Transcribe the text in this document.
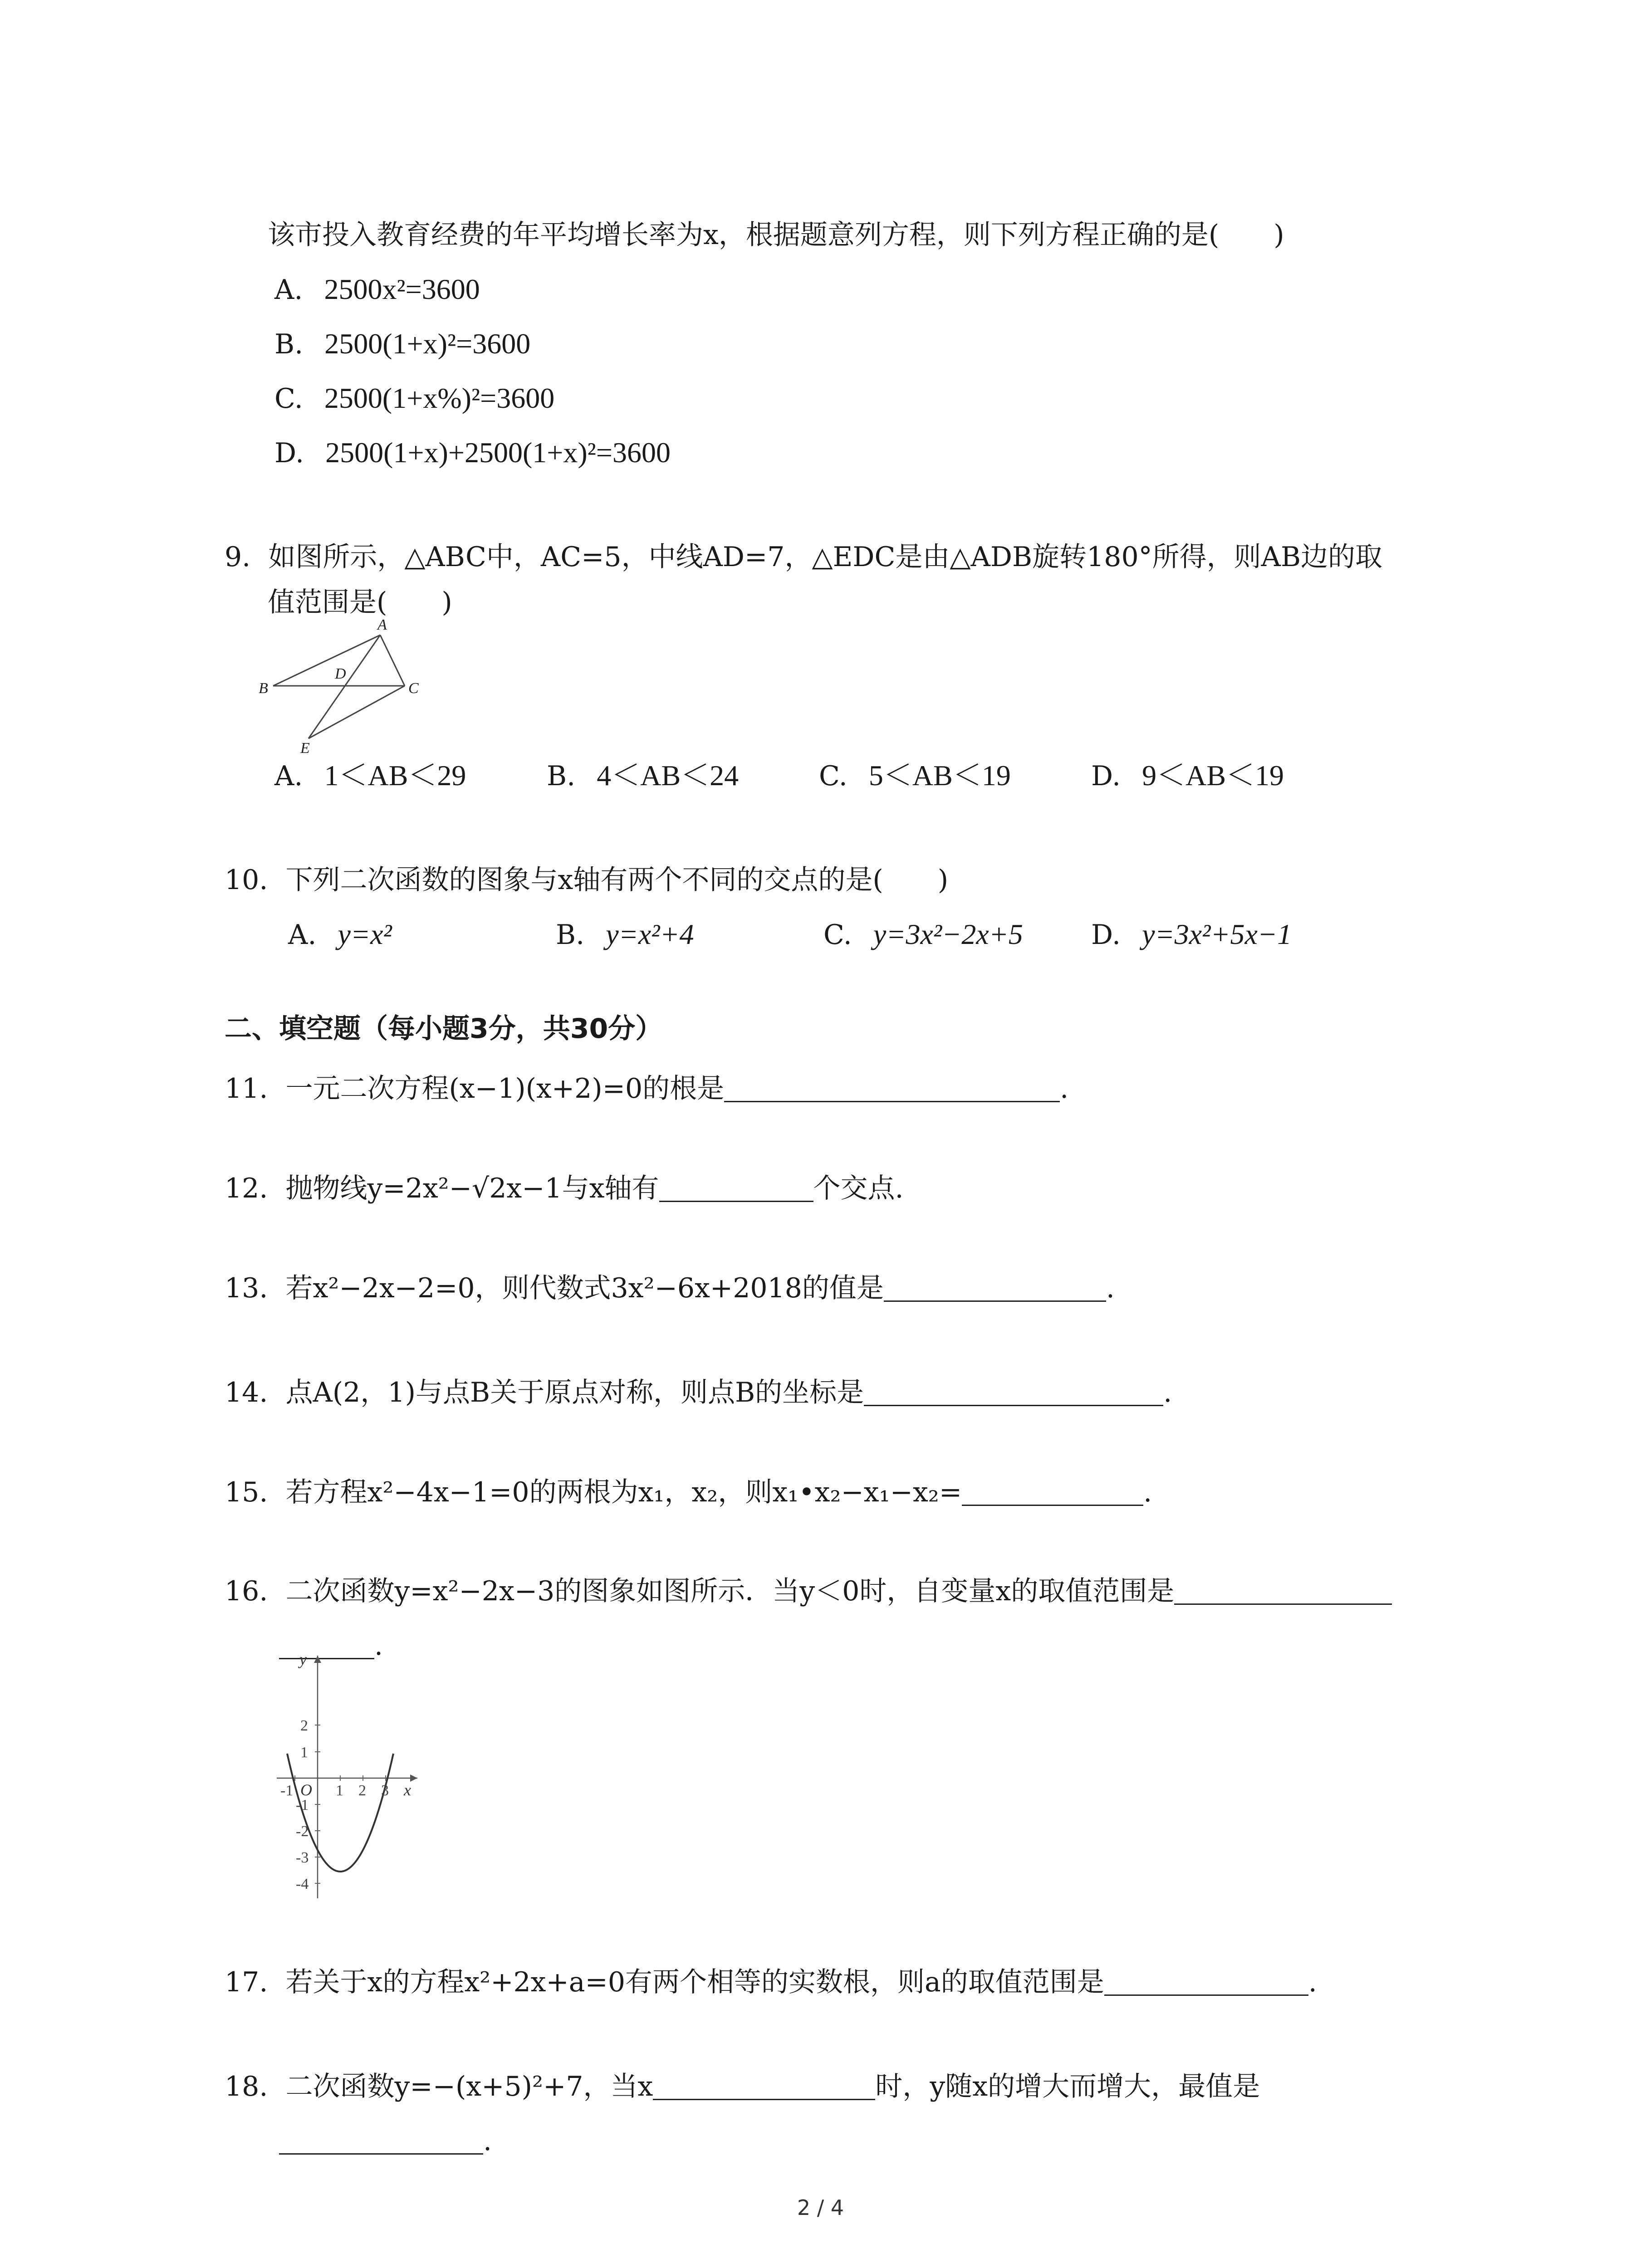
该市投入教育经费的年平均增长率为x，根据题意列方程，则下列方程正确的是(　　)
A. 2500x²=3600
B. 2500(1+x)²=3600
C. 2500(1+x%)²=3600
D. 2500(1+x)+2500(1+x)²=3600
9. 如图所示，△ABC中，AC=5，中线AD=7，△EDC是由△ADB旋转180°所得，则AB边的取
值范围是(　　)
A
B	C
D
E
A. 1＜AB＜29	B. 4＜AB＜24	C. 5＜AB＜19	D. 9＜AB＜19
10. 下列二次函数的图象与x轴有两个不同的交点的是(　　)
A. y=x²	B. y=x²+4	C. y=3x²−2x+5	D. y=3x²+5x−1
二、填空题（每小题3分，共30分）
11. 一元二次方程(x−1)(x+2)=0的根是	.
12. 抛物线y=2x²−√2x−1与x轴有	个交点.
13. 若x²−2x−2=0，则代数式3x²−6x+2018的值是	.
14. 点A(2，1)与点B关于原点对称，则点B的坐标是	.
15. 若方程x²−4x−1=0的两根为x₁，x₂，则x₁•x₂−x₁−x₂=	.
16. 二次函数y=x²−2x−3的图象如图所示．当y＜0时，自变量x的取值范围是
.
x
y
O
-1	1 2 3
2
1
-1
-2
-3
-4
17. 若关于x的方程x²+2x+a=0有两个相等的实数根，则a的取值范围是	.
18. 二次函数y=−(x+5)²+7，当x	时，y随x的增大而增大，最值是
.
2 / 4
